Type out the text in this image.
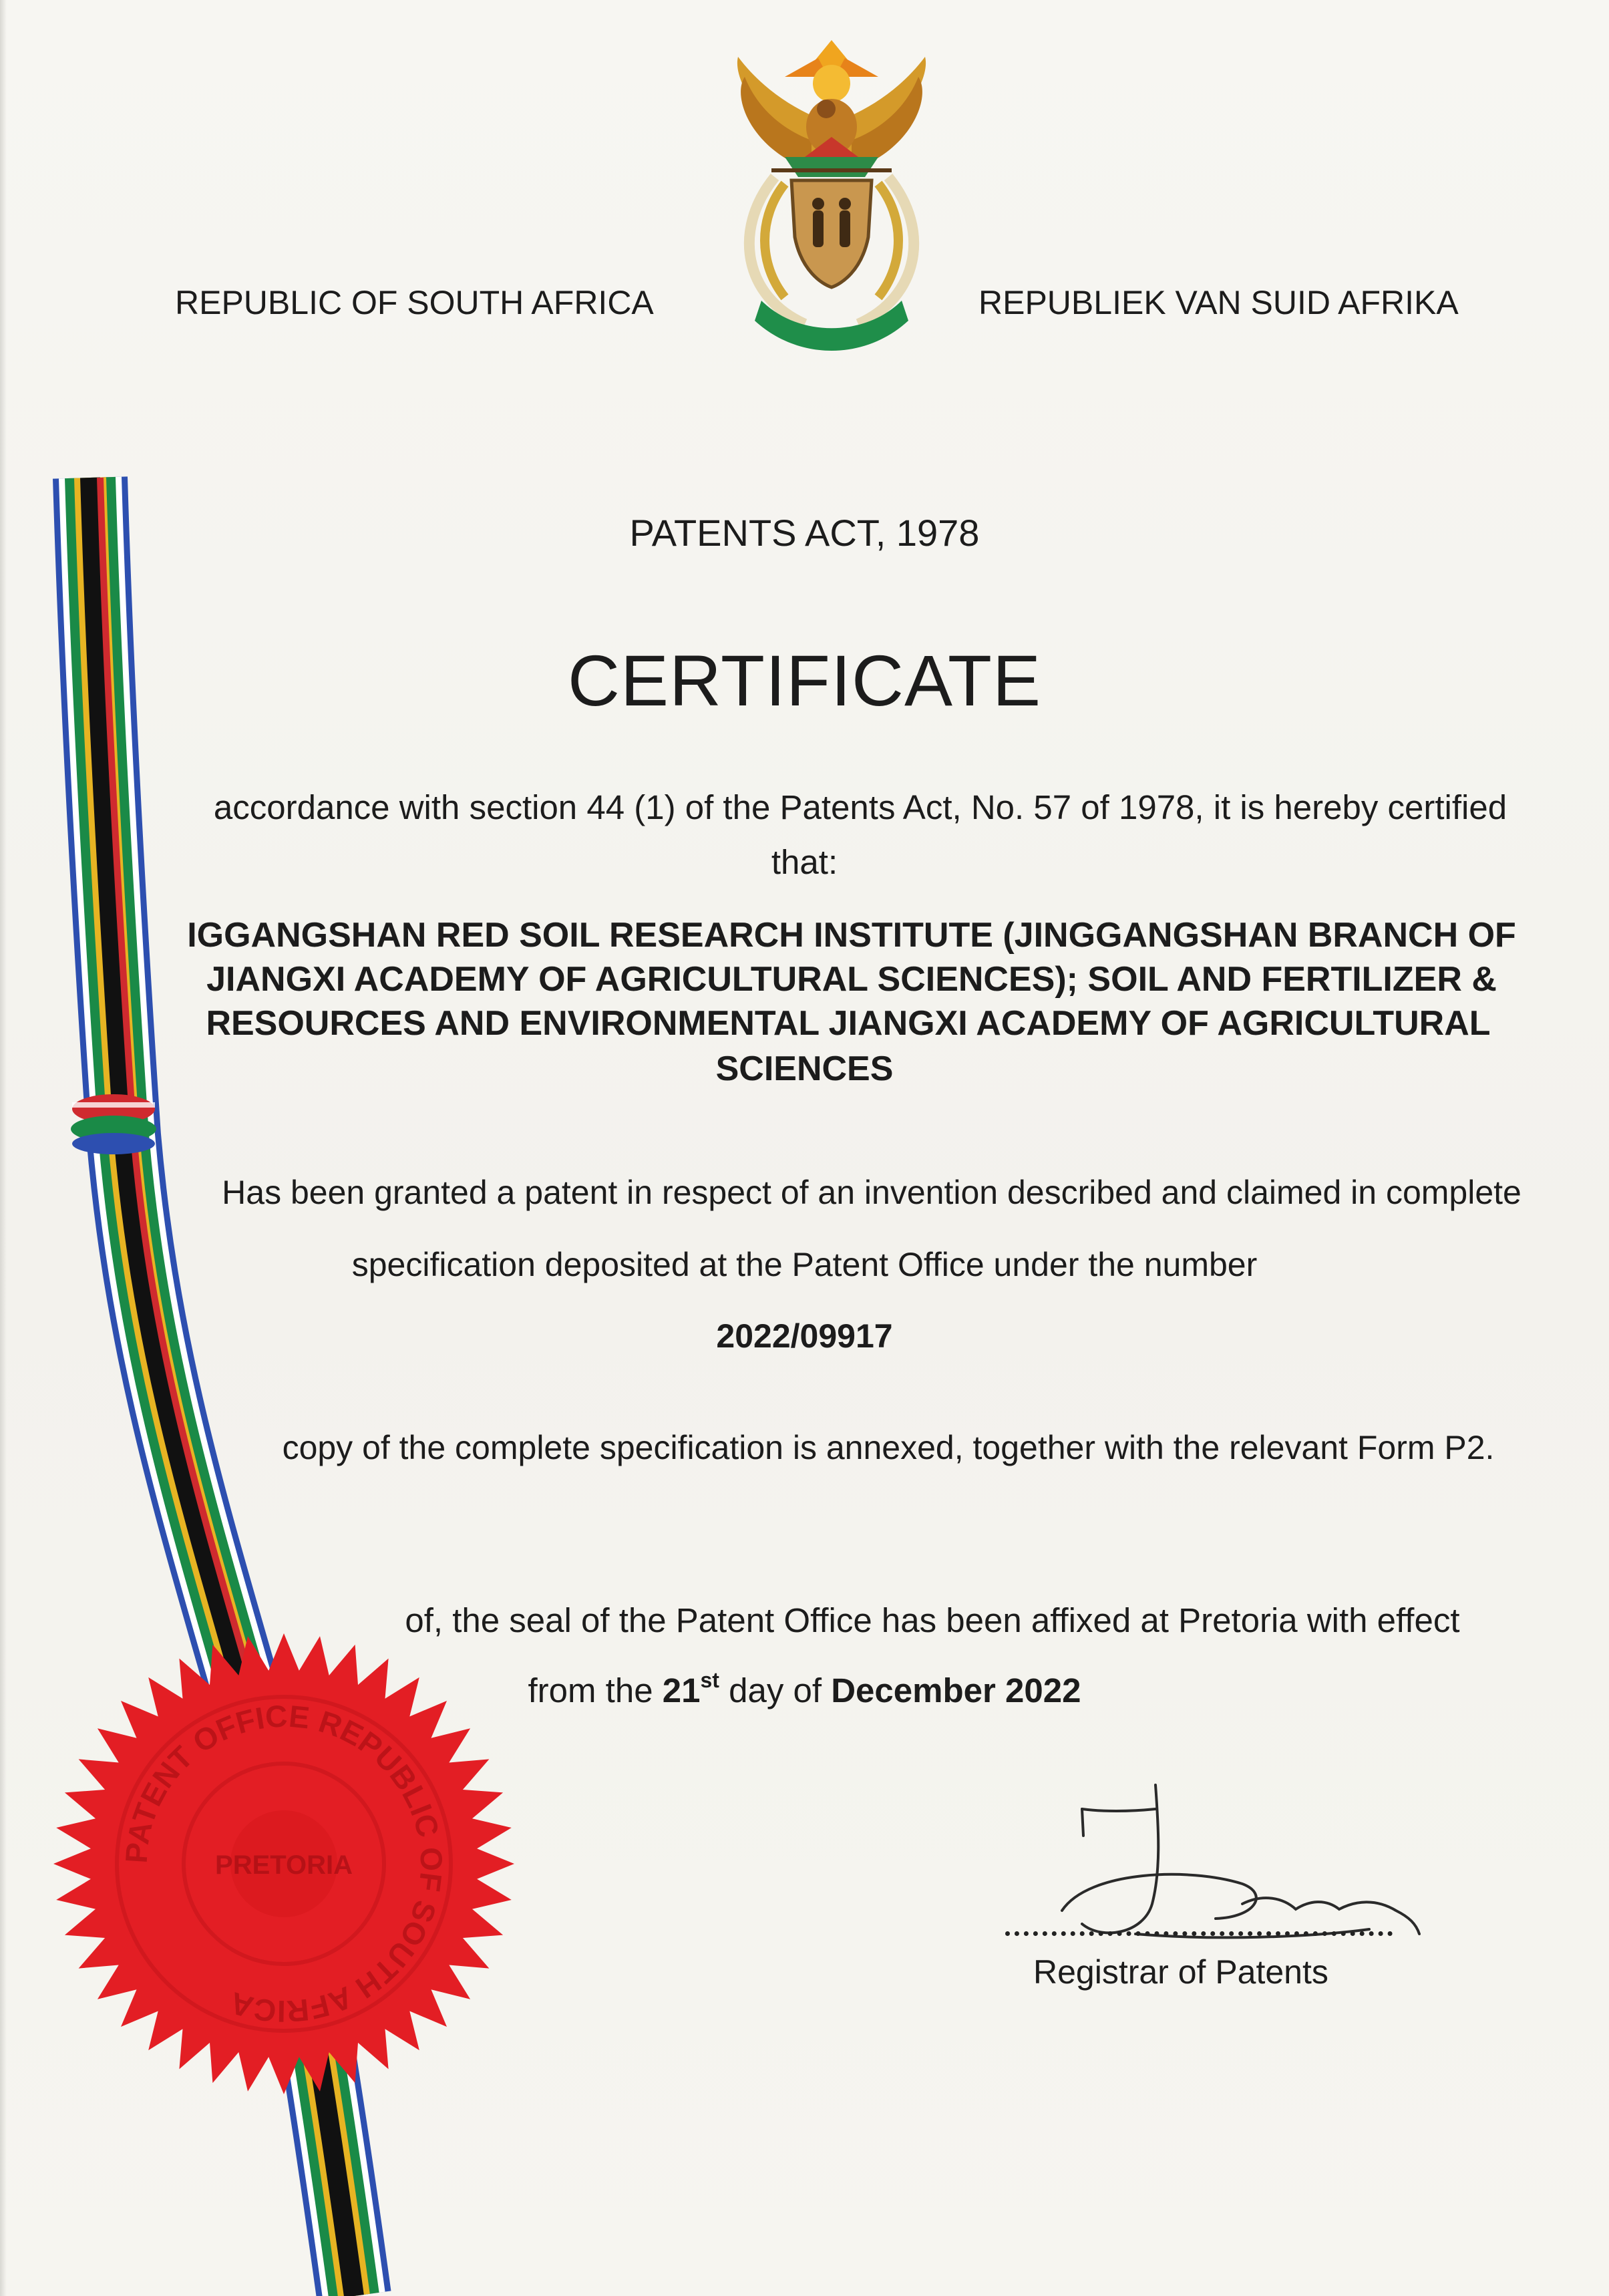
REPUBLIC OF SOUTH AFRICA	REPUBLIEK VAN SUID AFRIKA
PATENTS ACT, 1978
CERTIFICATE
accordance with section 44 (1) of the Patents Act, No. 57 of 1978, it is hereby certified
that:
IGGANGSHAN RED SOIL RESEARCH INSTITUTE (JINGGANGSHAN BRANCH OF
JIANGXI ACADEMY OF AGRICULTURAL SCIENCES); SOIL AND FERTILIZER &
RESOURCES AND ENVIRONMENTAL JIANGXI ACADEMY OF AGRICULTURAL
SCIENCES
Has been granted a patent in respect of an invention described and claimed in complete
specification deposited at the Patent Office under the number
2022/09917
copy of the complete specification is annexed, together with the relevant Form P2.
In t	of, the seal of the Patent Office has been affixed at Pretoria with effect
from the 21st day of December 2022
Registrar of Patents
PATENT OFFICE REPUBLIC OF SOUTH AFRICA
PRETORIA
